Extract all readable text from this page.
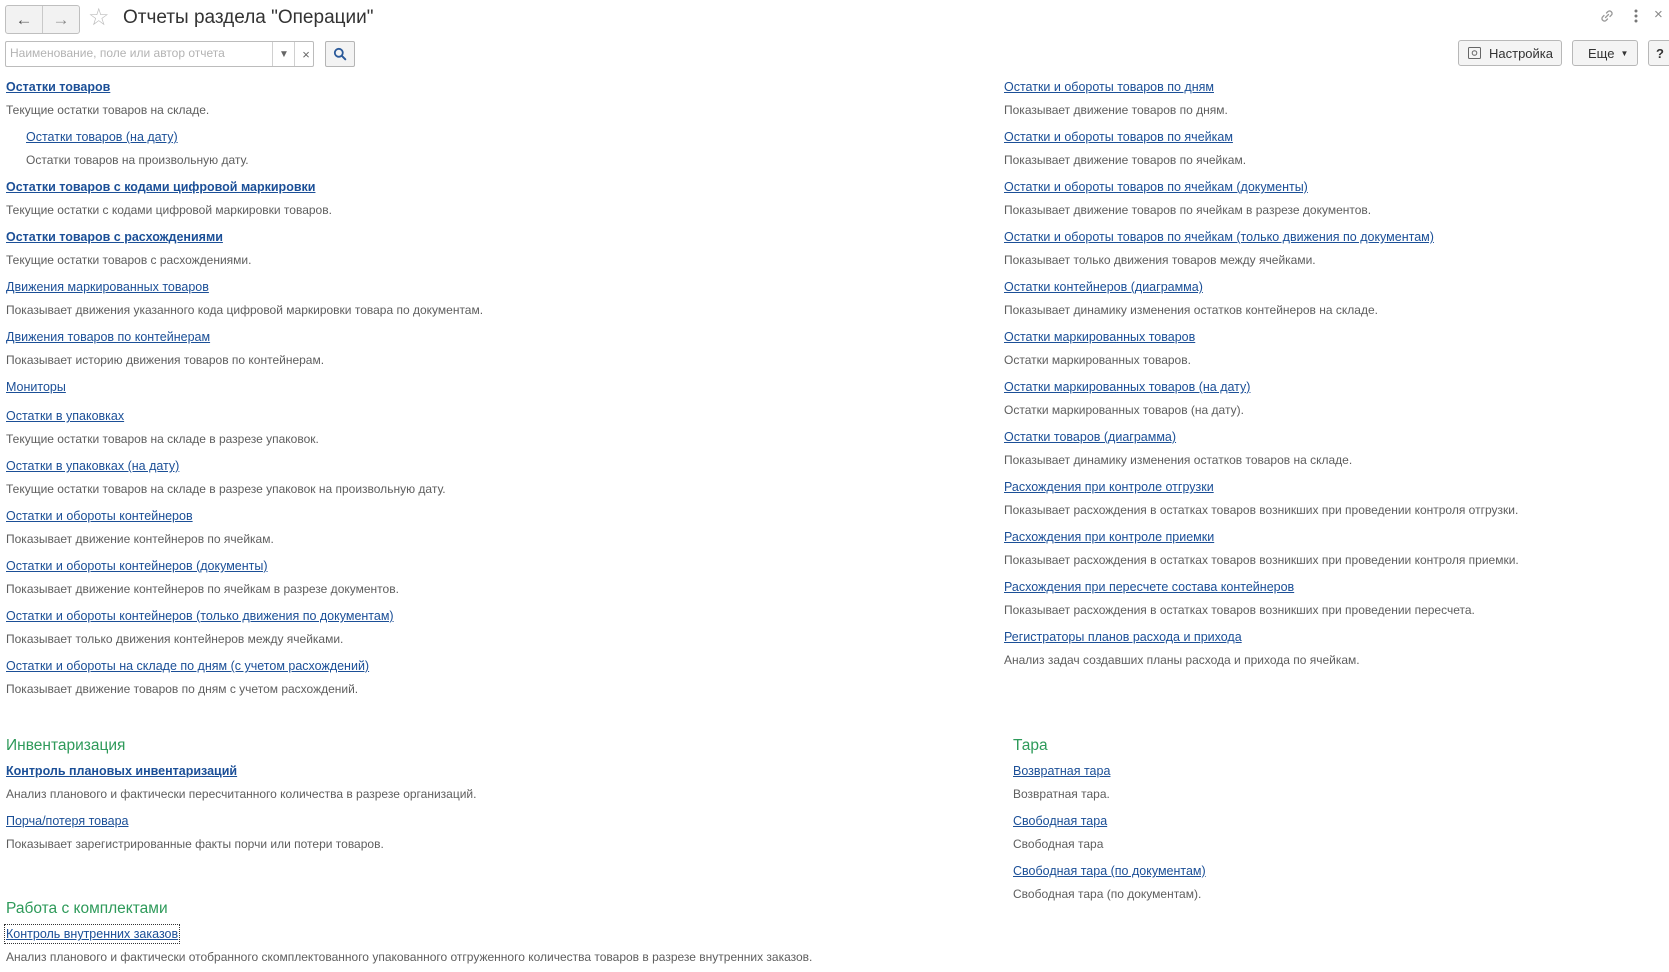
←	→ ☆ Отчеты раздела "Операции"	×
Наименование, поле или автор отчета
▼	×	Настройка	Еще ▼	?
Остатки товаров
Текущие остатки товаров на складе.
Остатки товаров (на дату)
Остатки товаров на произвольную дату.
Остатки товаров с кодами цифровой маркировки
Текущие остатки с кодами цифровой маркировки товаров.
Остатки товаров с расхождениями
Текущие остатки товаров с расхождениями.
Движения маркированных товаров
Показывает движения указанного кода цифровой маркировки товара по документам.
Движения товаров по контейнерам
Показывает историю движения товаров по контейнерам.
Мониторы
Остатки в упаковках
Текущие остатки товаров на складе в разрезе упаковок.
Остатки в упаковках (на дату)
Текущие остатки товаров на складе в разрезе упаковок на произвольную дату.
Остатки и обороты контейнеров
Показывает движение контейнеров по ячейкам.
Остатки и обороты контейнеров (документы)
Показывает движение контейнеров по ячейкам в разрезе документов.
Остатки и обороты контейнеров (только движения по документам)
Показывает только движения контейнеров между ячейками.
Остатки и обороты на складе по дням (с учетом расхождений)
Показывает движение товаров по дням с учетом расхождений.
Остатки и обороты товаров по дням
Показывает движение товаров по дням.
Остатки и обороты товаров по ячейкам
Показывает движение товаров по ячейкам.
Остатки и обороты товаров по ячейкам (документы)
Показывает движение товаров по ячейкам в разрезе документов.
Остатки и обороты товаров по ячейкам (только движения по документам)
Показывает только движения товаров между ячейками.
Остатки контейнеров (диаграмма)
Показывает динамику изменения остатков контейнеров на складе.
Остатки маркированных товаров
Остатки маркированных товаров.
Остатки маркированных товаров (на дату)
Остатки маркированных товаров (на дату).
Остатки товаров (диаграмма)
Показывает динамику изменения остатков товаров на складе.
Расхождения при контроле отгрузки
Показывает расхождения в остатках товаров возникших при проведении контроля отгрузки.
Расхождения при контроле приемки
Показывает расхождения в остатках товаров возникших при проведении контроля приемки.
Расхождения при пересчете состава контейнеров
Показывает расхождения в остатках товаров возникших при проведении пересчета.
Регистраторы планов расхода и прихода
Анализ задач создавших планы расхода и прихода по ячейкам.
Инвентаризация
Контроль плановых инвентаризаций
Анализ планового и фактически пересчитанного количества в разрезе организаций.
Порча/потеря товара
Показывает зарегистрированные факты порчи или потери товаров.
Тара
Возвратная тара
Возвратная тара.
Свободная тара
Свободная тара
Свободная тара (по документам)
Свободная тара (по документам).
Работа с комплектами
Контроль внутренних заказов
Анализ планового и фактически отобранного скомплектованного упакованного отгруженного количества товаров в разрезе внутренних заказов.
